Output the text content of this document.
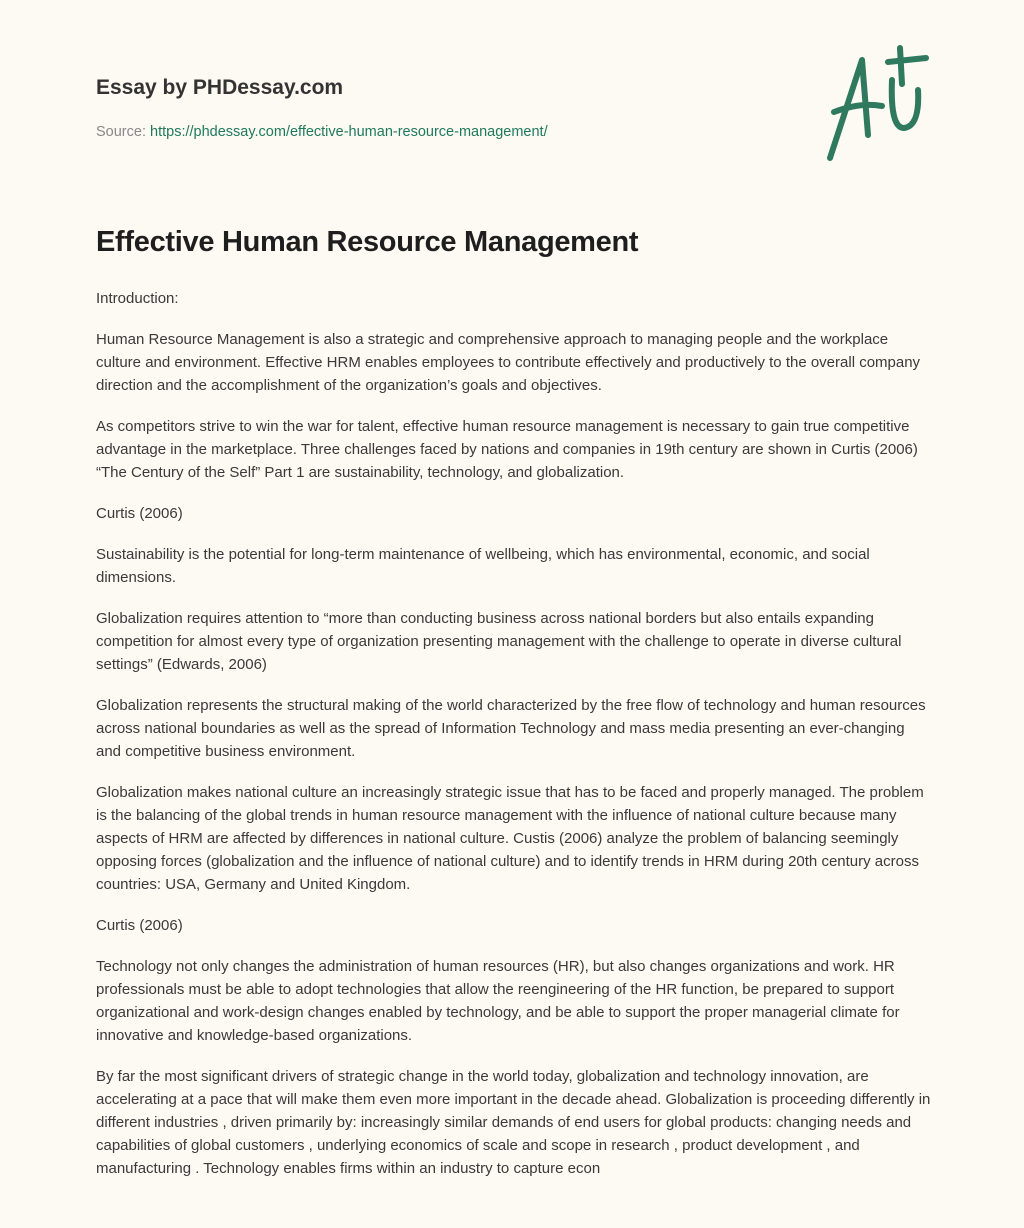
Essay by PHDessay.com
Source: https://phdessay.com/effective-human-resource-management/
Effective Human Resource Management

Introduction:

Human Resource Management is also a strategic and comprehensive approach to managing people and the workplace culture and environment. Effective HRM enables employees to contribute effectively and productively to the overall company direction and the accomplishment of the organization’s goals and objectives.

As competitors strive to win the war for talent, effective human resource management is necessary to gain true competitive advantage in the marketplace. Three challenges faced by nations and companies in 19th century are shown in Curtis (2006) “The Century of the Self” Part 1 are sustainability, technology, and globalization.

Curtis (2006)

Sustainability is the potential for long-term maintenance of wellbeing, which has environmental, economic, and social dimensions.

Globalization requires attention to “more than conducting business across national borders but also entails expanding competition for almost every type of organization presenting management with the challenge to operate in diverse cultural settings” (Edwards, 2006)

Globalization represents the structural making of the world characterized by the free flow of technology and human resources across national boundaries as well as the spread of Information Technology and mass media presenting an ever-changing and competitive business environment.

Globalization makes national culture an increasingly strategic issue that has to be faced and properly managed. The problem is the balancing of the global trends in human resource management with the influence of national culture because many aspects of HRM are affected by differences in national culture. Custis (2006) analyze the problem of balancing seemingly opposing forces (globalization and the influence of national culture) and to identify trends in HRM during 20th century across countries: USA, Germany and United Kingdom.

Curtis (2006)

Technology not only changes the administration of human resources (HR), but also changes organizations and work. HR professionals must be able to adopt technologies that allow the reengineering of the HR function, be prepared to support organizational and work-design changes enabled by technology, and be able to support the proper managerial climate for innovative and knowledge-based organizations.

By far the most significant drivers of strategic change in the world today, globalization and technology innovation, are accelerating at a pace that will make them even more important in the decade ahead. Globalization is proceeding differently in different industries , driven primarily by: increasingly similar demands of end users for global products: changing needs and capabilities of global customers , underlying economics of scale and scope in research , product development , and manufacturing . Technology enables firms within an industry to capture econ
